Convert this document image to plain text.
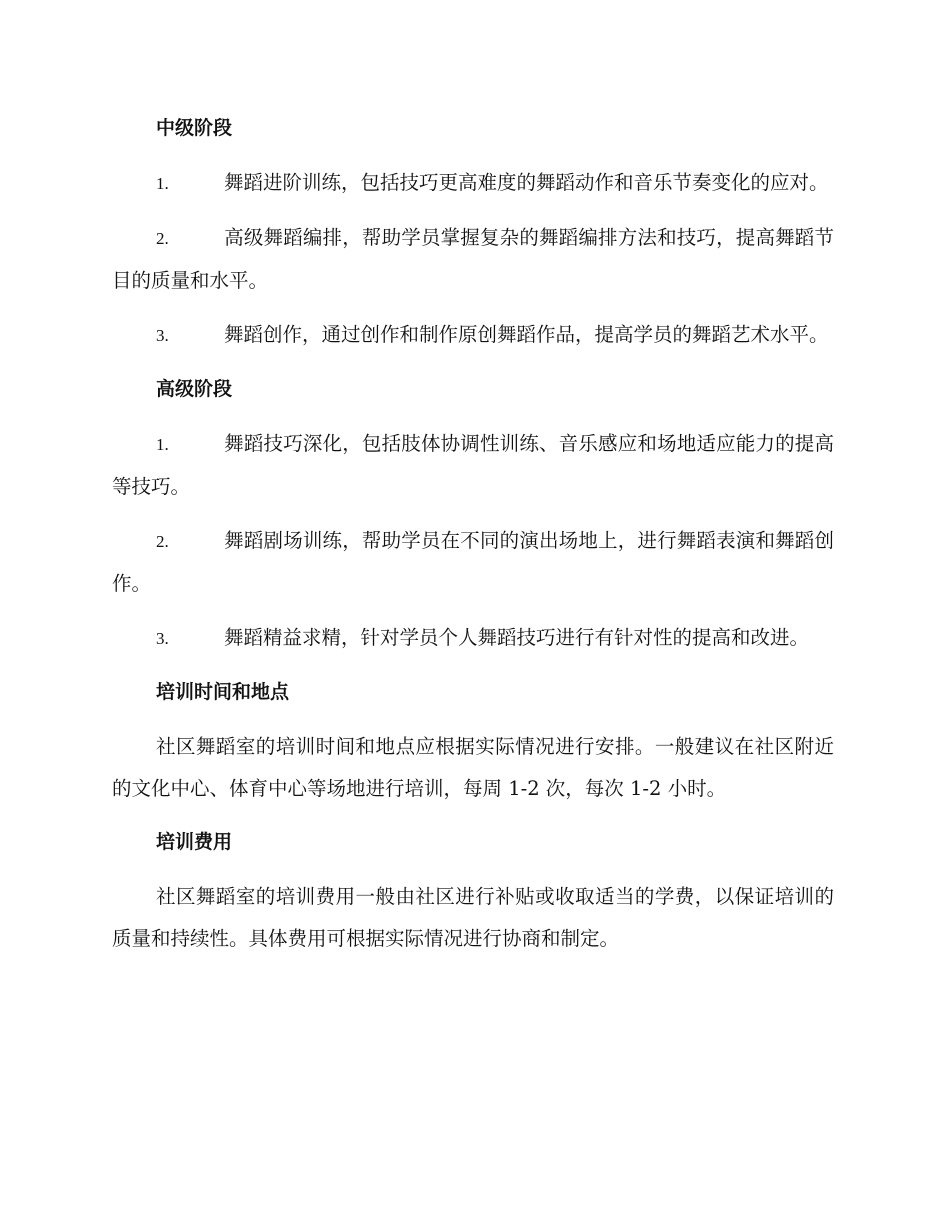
中级阶段
1.	舞蹈进阶训练，包括技巧更高难度的舞蹈动作和音乐节奏变化的应对。
2.	高级舞蹈编排，帮助学员掌握复杂的舞蹈编排方法和技巧，提高舞蹈节目的质量和水平。
3.	舞蹈创作，通过创作和制作原创舞蹈作品，提高学员的舞蹈艺术水平。
高级阶段
1.	舞蹈技巧深化，包括肢体协调性训练、音乐感应和场地适应能力的提高等技巧。
2.	舞蹈剧场训练，帮助学员在不同的演出场地上，进行舞蹈表演和舞蹈创作。
3.	舞蹈精益求精，针对学员个人舞蹈技巧进行有针对性的提高和改进。
培训时间和地点
社区舞蹈室的培训时间和地点应根据实际情况进行安排。一般建议在社区附近的文化中心、体育中心等场地进行培训，每周 1-2 次，每次 1-2 小时。
培训费用
社区舞蹈室的培训费用一般由社区进行补贴或收取适当的学费，以保证培训的质量和持续性。具体费用可根据实际情况进行协商和制定。
